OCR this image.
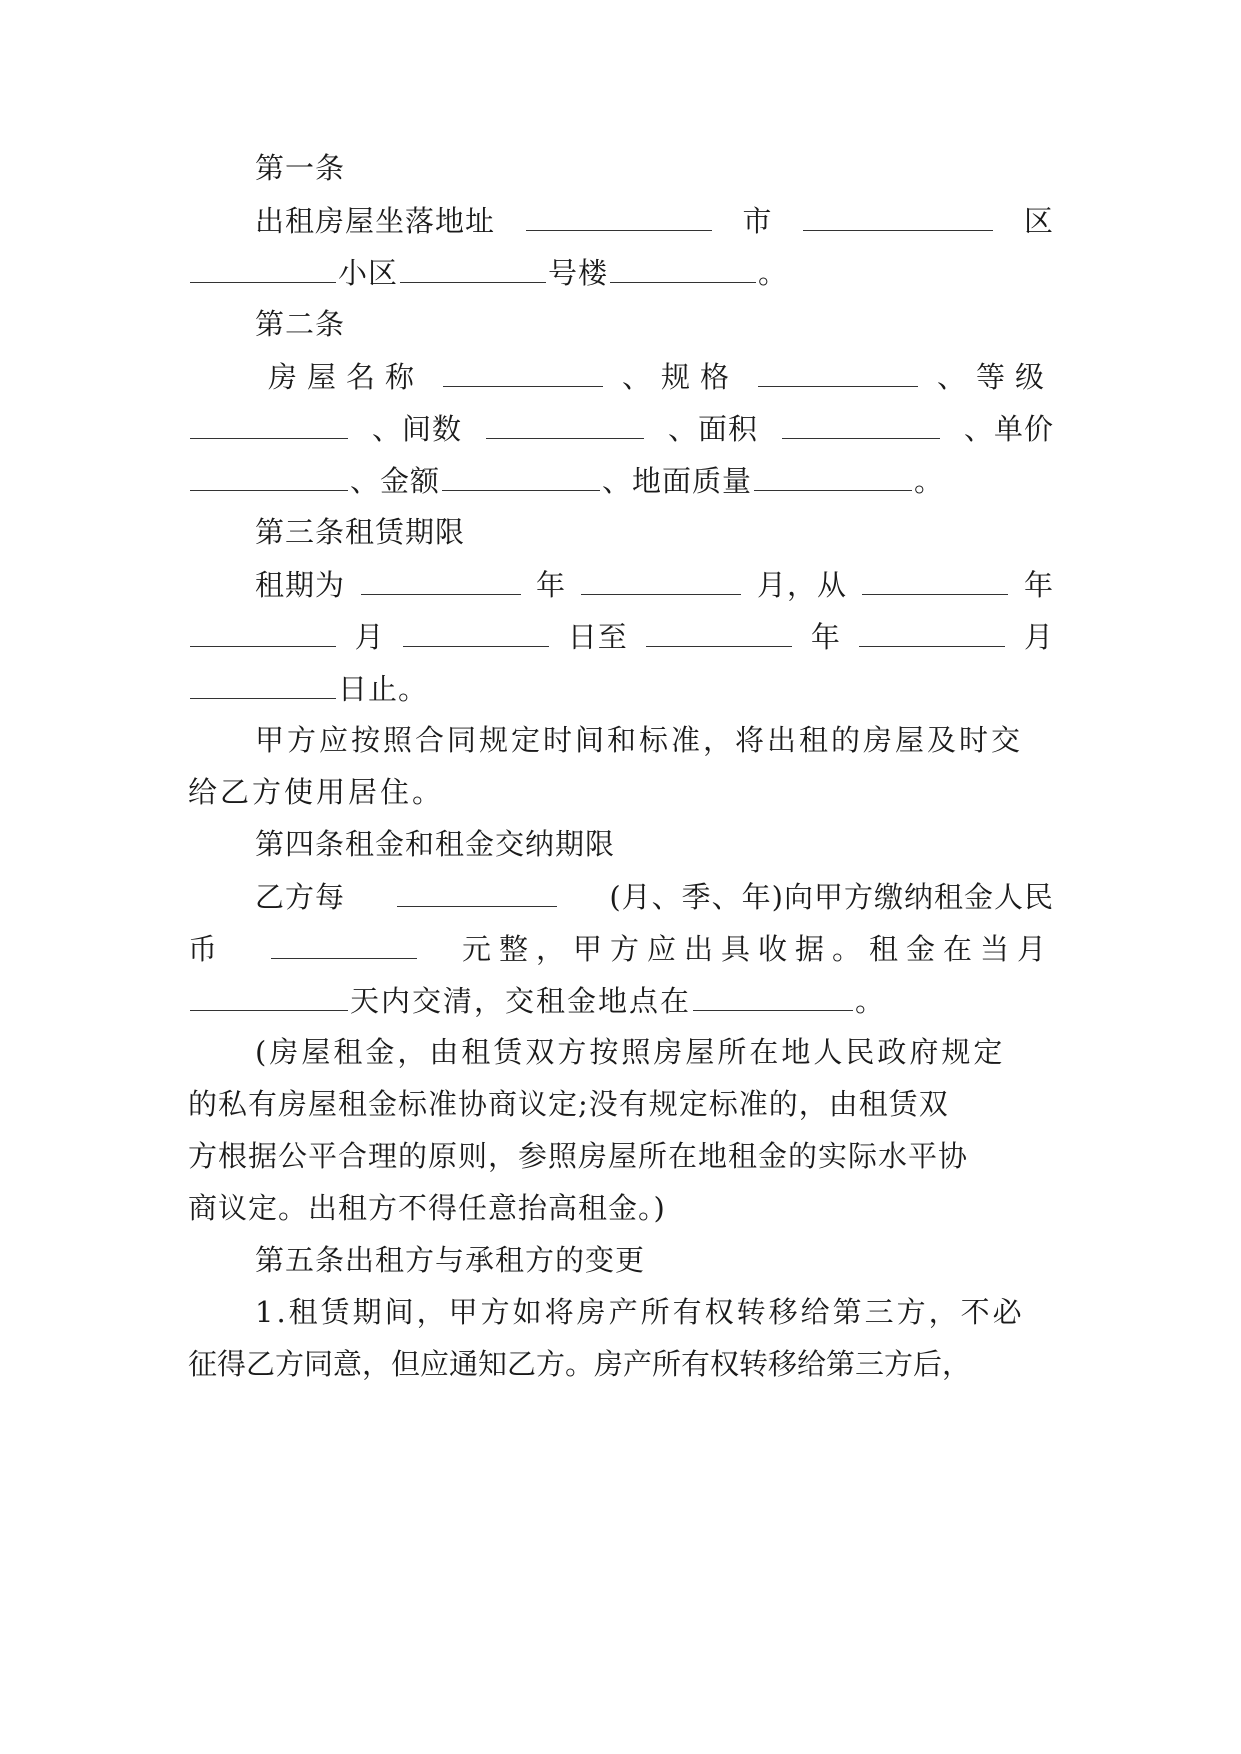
第一条
出租房屋坐落地址	市	区
小区	号楼	。
第二条
房屋名称	、规格	、等级
、间数	、面积	、单价
、金额	、地面质量	。
第三条租赁期限
租期为	年	月，从	年
月	日至	年	月
日止。
甲方应按照合同规定时间和标准，将出租的房屋及时交
给乙方使用居住。
第四条租金和租金交纳期限
乙方每	(月、季、年)向甲方缴纳租金人民
币	元整，甲方应出具收据。租金在当月
天内交清，交租金地点在	。
(房屋租金，由租赁双方按照房屋所在地人民政府规定
的私有房屋租金标准协商议定;没有规定标准的，由租赁双
方根据公平合理的原则，参照房屋所在地租金的实际水平协
商议定。出租方不得任意抬高租金。)
第五条出租方与承租方的变更
1.租赁期间，甲方如将房产所有权转移给第三方，不必
征得乙方同意，但应通知乙方。房产所有权转移给第三方后，
